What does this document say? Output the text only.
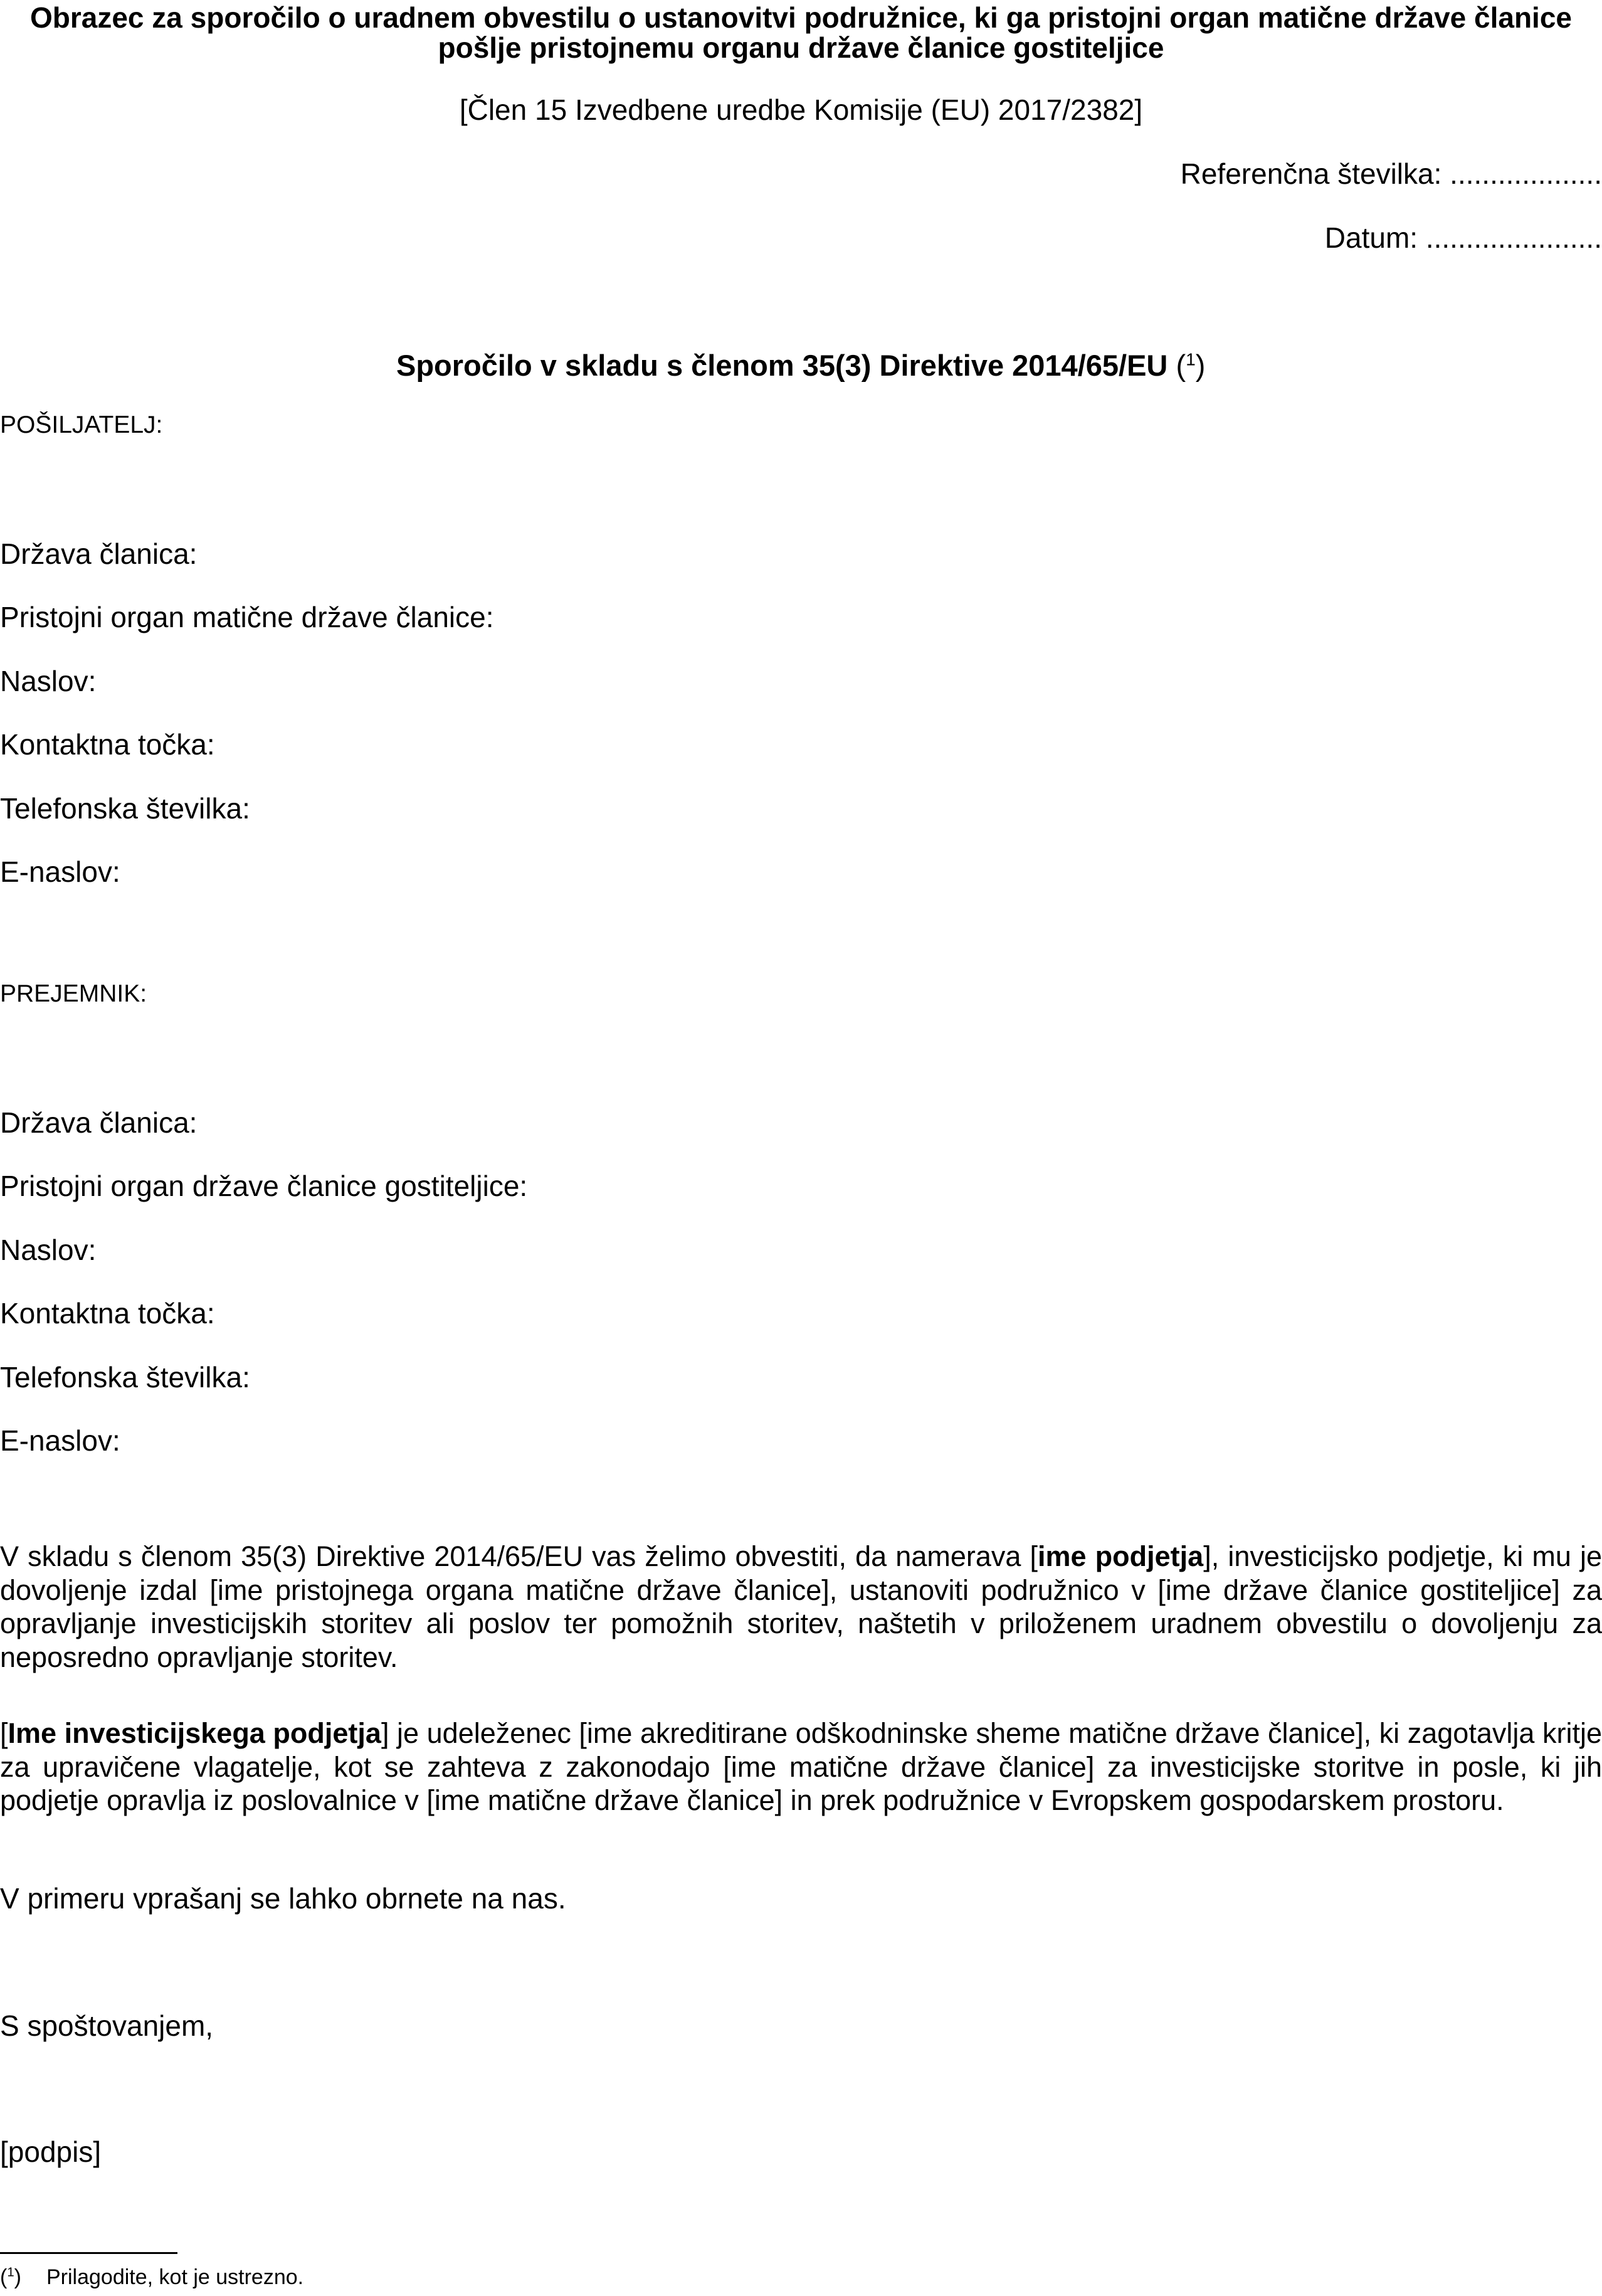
Obrazec za sporočilo o uradnem obvestilu o ustanovitvi podružnice, ki ga pristojni organ matične države članice
pošlje pristojnemu organu države članice gostiteljice
[Člen 15 Izvedbene uredbe Komisije (EU) 2017/2382]
Referenčna številka: ...................
Datum: ......................
Sporočilo v skladu s členom 35(3) Direktive 2014/65/EU ($^1$)
POŠILJATELJ:
Država članica:
Pristojni organ matične države članice:
Naslov:
Kontaktna točka:
Telefonska številka:
E-naslov:
PREJEMNIK:
Država članica:
Pristojni organ države članice gostiteljice:
Naslov:
Kontaktna točka:
Telefonska številka:
E-naslov:
V skladu s členom 35(3) Direktive 2014/65/EU vas želimo obvestiti, da namerava [ime podjetja], investicijsko podjetje, ki mu je dovoljenje izdal [ime pristojnega organa matične države članice], ustanoviti podružnico v [ime države članice gostiteljice] za opravljanje investicijskih storitev ali poslov ter pomožnih storitev, naštetih v priloženem uradnem obvestilu o dovoljenju za neposredno opravljanje storitev.
[Ime investicijskega podjetja] je udeleženec [ime akreditirane odškodninske sheme matične države članice], ki zagotavlja kritje za upravičene vlagatelje, kot se zahteva z zakonodajo [ime matične države članice] za investicijske storitve in posle, ki jih podjetje opravlja iz poslovalnice v [ime matične države članice] in prek podružnice v Evropskem gospodarskem prostoru.
V primeru vprašanj se lahko obrnete na nas.
S spoštovanjem,
[podpis]
($^1$) Prilagodite, kot je ustrezno.
